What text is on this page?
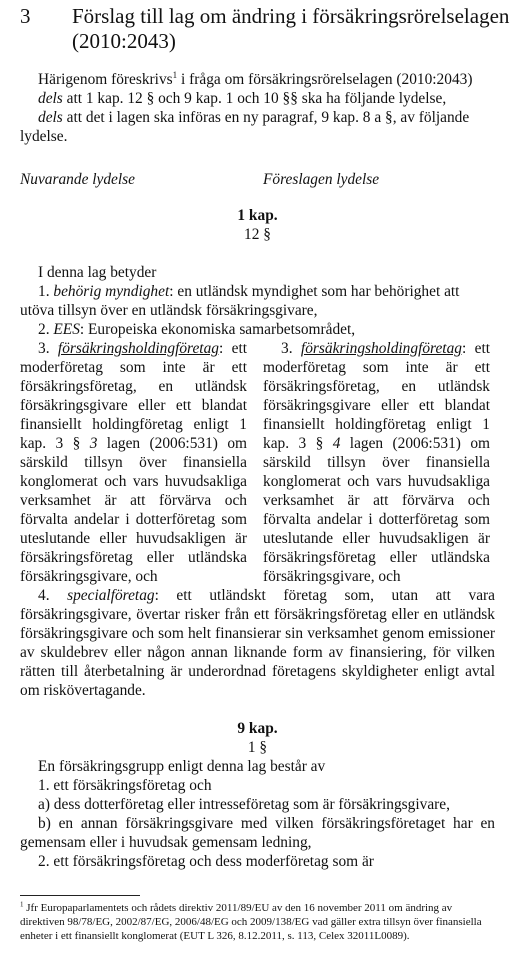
3 Förslag till lag om ändring i försäkringsrörelselagen (2010:2043)

Härigenom föreskrivs$^1$ i fråga om försäkringsrörelselagen (2010:2043)

dels att 1 kap. 12 § och 9 kap. 1 och 10 §§ ska ha följande lydelse,

dels att det i lagen ska införas en ny paragraf, 9 kap. 8 a §, av följande lydelse.

Nuvarande lydelse	Föreslagen lydelse
1 kap.
12 §

I denna lag betyder

1. behörig myndighet: en utländsk myndighet som har behörighet att utöva tillsyn över en utländsk försäkringsgivare,

2. EES: Europeiska ekonomiska samarbetsområdet,

3. försäkringsholdingföretag: ett moderföretag som inte är ett försäkringsföretag, en utländsk försäkringsgivare eller ett blandat finansiellt holdingföretag enligt 1 kap. 3 § 3 lagen (2006:531) om särskild tillsyn över finansiella konglomerat och vars huvudsakliga verksamhet är att förvärva och förvalta andelar i dotterföretag som uteslutande eller huvudsakligen är försäkringsföretag eller utländska försäkringsgivare, och

3. försäkringsholdingföretag: ett moderföretag som inte är ett försäkringsföretag, en utländsk försäkringsgivare eller ett blandat finansiellt holdingföretag enligt 1 kap. 3 § 4 lagen (2006:531) om särskild tillsyn över finansiella konglomerat och vars huvudsakliga verksamhet är att förvärva och förvalta andelar i dotterföretag som uteslutande eller huvudsakligen är försäkringsföretag eller utländska försäkringsgivare, och

4. specialföretag: ett utländskt företag som, utan att vara försäkringsgivare, övertar risker från ett försäkringsföretag eller en utländsk försäkringsgivare och som helt finansierar sin verksamhet genom emissioner av skuldebrev eller någon annan liknande form av finansiering, för vilken rätten till återbetalning är underordnad företagens skyldigheter enligt avtal om riskövertagande.

9 kap.
1 §

En försäkringsgrupp enligt denna lag består av

1. ett försäkringsföretag och

a) dess dotterföretag eller intresseföretag som är försäkringsgivare,

b) en annan försäkringsgivare med vilken försäkringsföretaget har en gemensam eller i huvudsak gemensam ledning,

2. ett försäkringsföretag och dess moderföretag som är

$^1$ Jfr Europaparlamentets och rådets direktiv 2011/89/EU av den 16 november 2011 om ändring av direktiven 98/78/EG, 2002/87/EG, 2006/48/EG och 2009/138/EG vad gäller extra tillsyn över finansiella enheter i ett finansiellt konglomerat (EUT L 326, 8.12.2011, s. 113, Celex 32011L0089).
